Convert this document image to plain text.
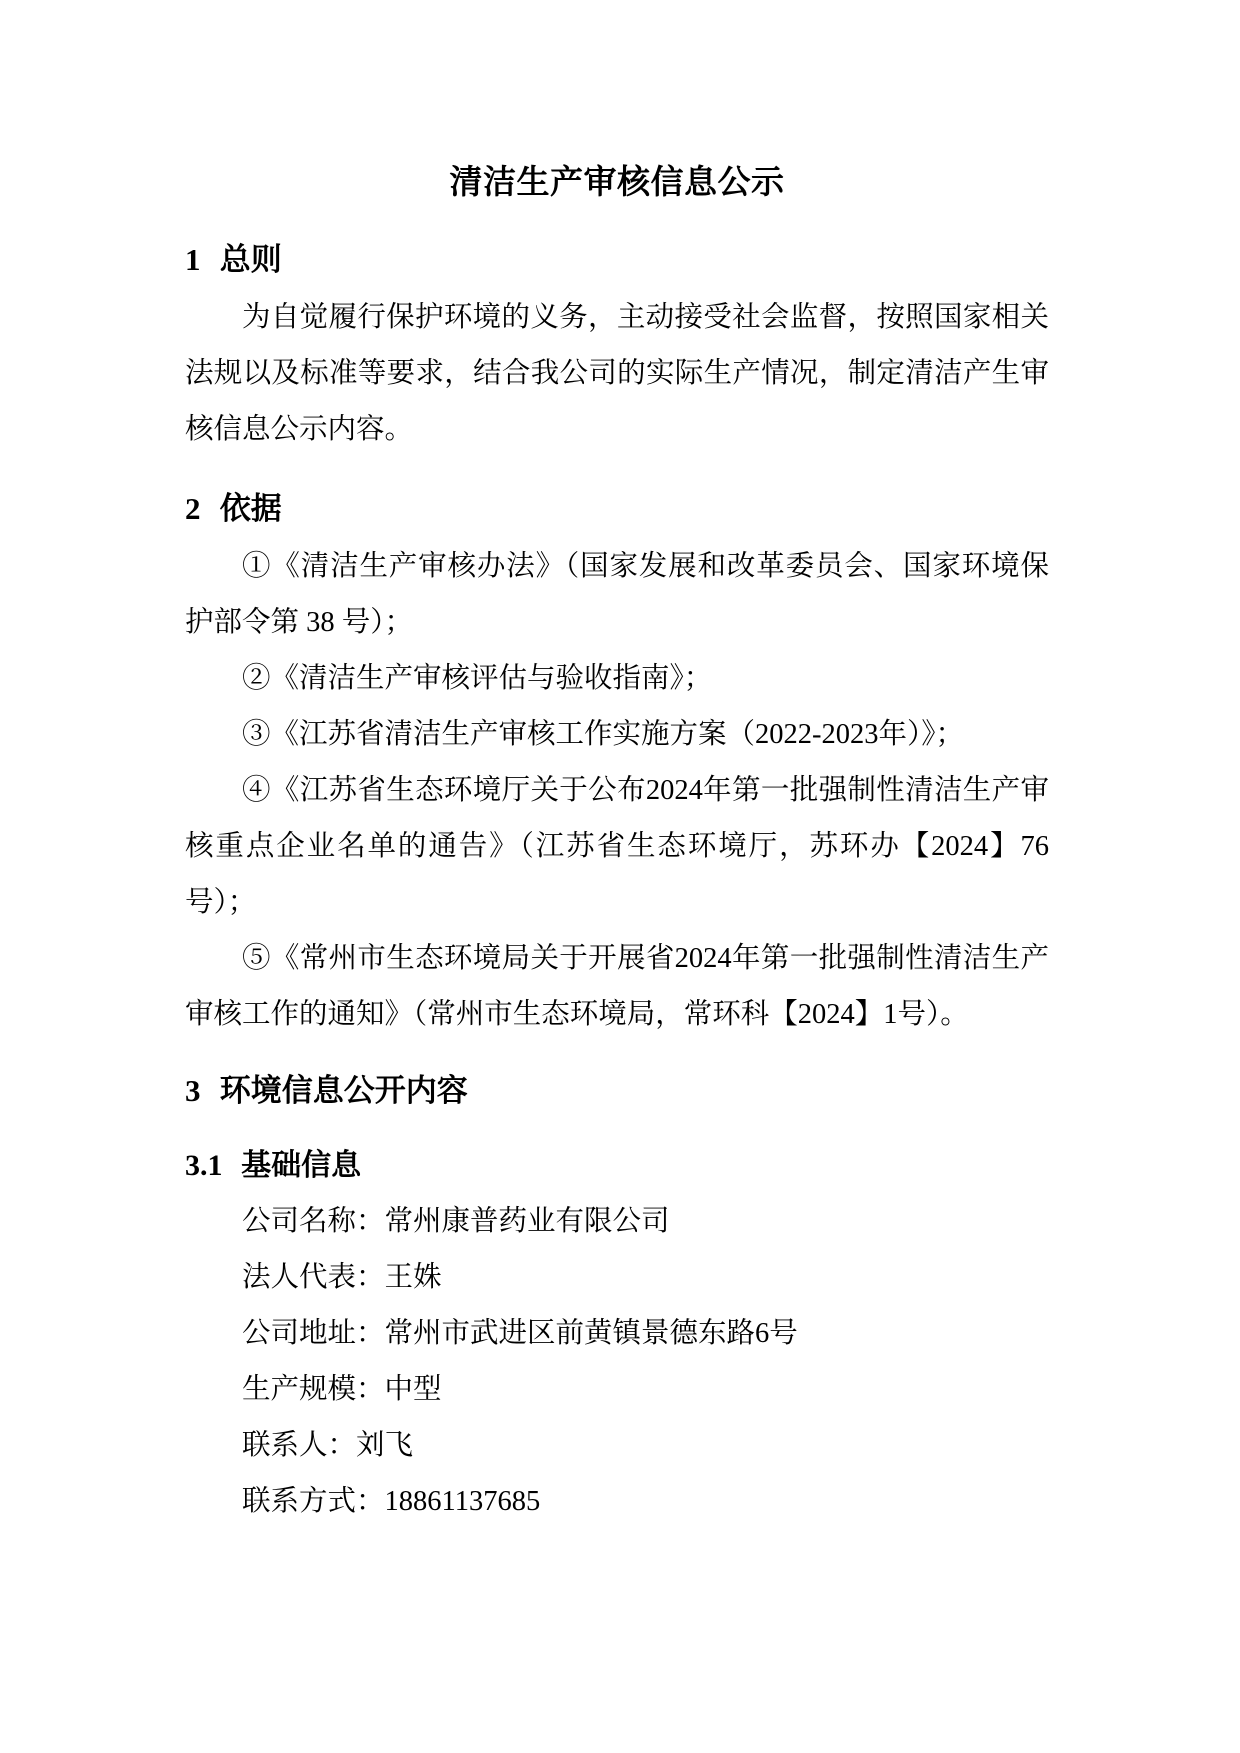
清洁生产审核信息公示
1 总则
为自觉履行保护环境的义务，主动接受社会监督，按照国家相关
法规以及标准等要求，结合我公司的实际生产情况，制定清洁产生审
核信息公示内容。
2 依据
①《清洁生产审核办法》（国家发展和改革委员会、国家环境保
护部令第 38 号）；
②《清洁生产审核评估与验收指南》；
③《江苏省清洁生产审核工作实施方案（2022-2023年）》；
④《江苏省生态环境厅关于公布2024年第一批强制性清洁生产审
核重点企业名单的通告》（江苏省生态环境厅，苏环办【2024】76
号）；
⑤《常州市生态环境局关于开展省2024年第一批强制性清洁生产
审核工作的通知》（常州市生态环境局，常环科【2024】1号）。
3 环境信息公开内容
3.1 基础信息
公司名称：常州康普药业有限公司
法人代表：王姝
公司地址：常州市武进区前黄镇景德东路6号
生产规模：中型
联系人：刘飞
联系方式：18861137685
